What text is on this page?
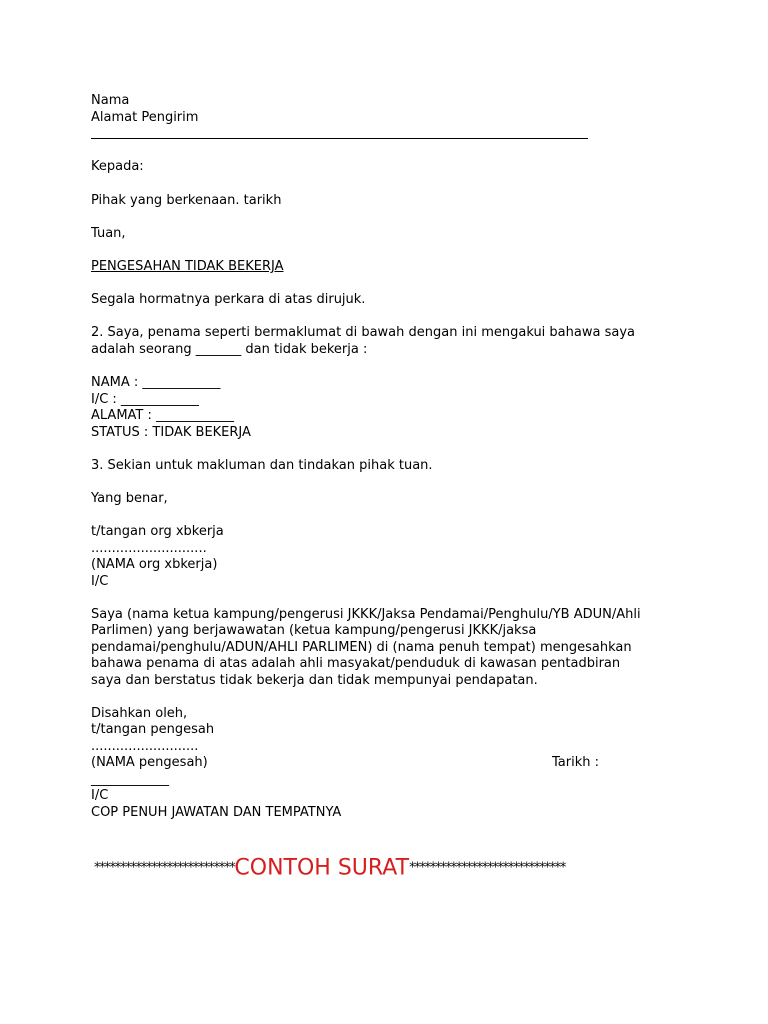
Nama
Alamat Pengirim
Kepada:
Pihak yang berkenaan. tarikh
Tuan,
PENGESAHAN TIDAK BEKERJA
Segala hormatnya perkara di atas dirujuk.
2. Saya, penama seperti bermaklumat di bawah dengan ini mengakui bahawa saya
adalah seorang _______ dan tidak bekerja :
NAMA : ____________
I/C : ____________
ALAMAT : ____________
STATUS : TIDAK BEKERJA
3. Sekian untuk makluman dan tindakan pihak tuan.
Yang benar,
t/tangan org xbkerja
............................
(NAMA org xbkerja)
I/C
Saya (nama ketua kampung/pengerusi JKKK/Jaksa Pendamai/Penghulu/YB ADUN/Ahli
Parlimen) yang berjawawatan (ketua kampung/pengerusi JKKK/jaksa
pendamai/penghulu/ADUN/AHLI PARLIMEN) di (nama penuh tempat) mengesahkan
bahawa penama di atas adalah ahli masyakat/penduduk di kawasan pentadbiran
saya dan berstatus tidak bekerja dan tidak mempunyai pendapatan.
Disahkan oleh,
t/tangan pengesah
..........................
(NAMA pengesah)	Tarikh :
____________
I/C
COP PENUH JAWATAN DAN TEMPATNYA
***************************CONTOH SURAT******************************
